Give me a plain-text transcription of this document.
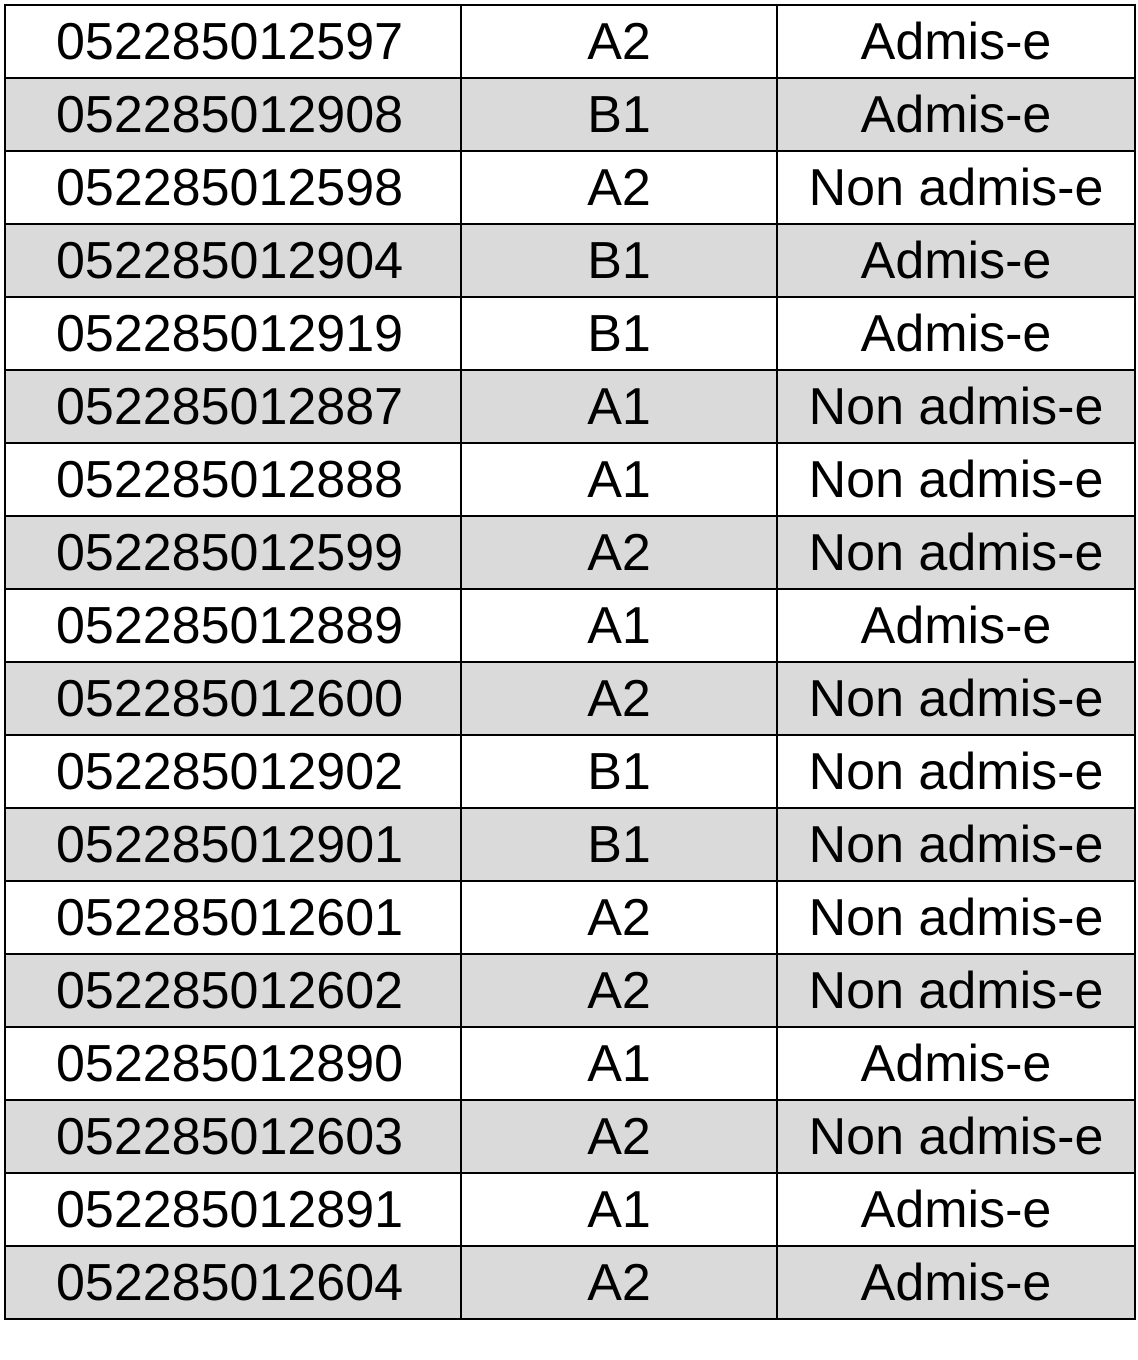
052285012597	A2	Admis-e
052285012908	B1	Admis-e
052285012598	A2	Non admis-e
052285012904	B1	Admis-e
052285012919	B1	Admis-e
052285012887	A1	Non admis-e
052285012888	A1	Non admis-e
052285012599	A2	Non admis-e
052285012889	A1	Admis-e
052285012600	A2	Non admis-e
052285012902	B1	Non admis-e
052285012901	B1	Non admis-e
052285012601	A2	Non admis-e
052285012602	A2	Non admis-e
052285012890	A1	Admis-e
052285012603	A2	Non admis-e
052285012891	A1	Admis-e
052285012604	A2	Admis-e
